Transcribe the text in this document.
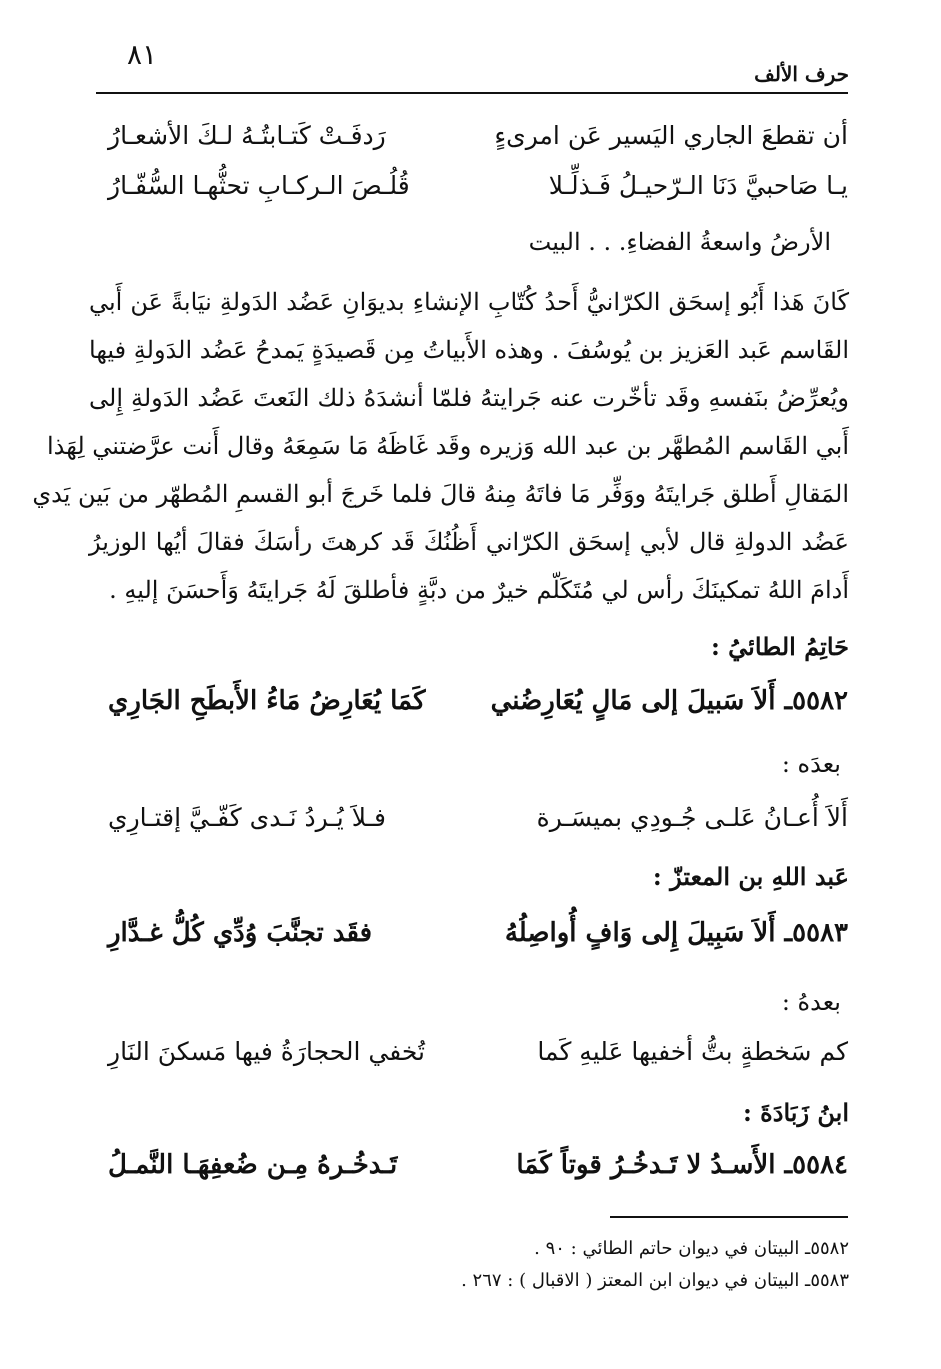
٨١
حرف الألف
أن تقطعَ الجاري اليَسير عَن امرىءٍ
رَدفَـتْ كَتـابتُـهُ لـكَ الأشعـارُ
يـا صَاحبيَّ دَنَا الـرّحيـلُ فَـذلِّـلا
قُلُـصَ الـركـابِ تحثُّهـا السُّفّـارُ
الأرضُ واسعةُ الفضاءِ. . . البيت
كَانَ هَذا أَبُو إسحَق الكرّانيُّ أَحدُ كُتّابِ الإنشاءِ بديوَانِ عَضُد الدَولةِ نيَابةً عَن أَبي
القَاسم عَبد العَزيز بن يُوسُفَ . وهذه الأَبياتُ مِن قَصيدَةٍ يَمدحُ عَضُد الدَولةِ فيها
ويُعرِّضُ بنَفسهِ وقَد تأخّرت عنه جَرايتهُ فلمّا أنشدَهُ ذلك النَعتَ عَضُد الدَولةِ إِلى
أَبي القَاسم المُطهَّر بن عبد الله وَزيره وقَد غَاظَهُ مَا سَمِعَهُ وقال أَنت عرَّضتني لِهَذا
المَقالِ أَطلق جَرايتَهُ ووَفِّر مَا فاتَهُ مِنهُ قالَ فلما خَرجَ أبو القسمِ المُطهّر من بَين يَدي
عَضُد الدولةِ قال لأبي إسحَق الكرّاني أَظُنُكَ قَد كرهتَ رأسَكَ فقالَ أيُها الوزيرُ
أَدامَ اللهُ تمكينَكَ رأس لي مُتَكَلّم خيرٌ من دبَّةٍ فأطلقَ لَهُ جَرايتَهُ وَأَحسَنَ إليهِ .
حَاتِمُ الطائيُ :
٥٥٨٢ـ أَلاَ سَبيلَ إلى مَالٍ يُعَارِضُني
كَمَا يُعَارِضُ مَاءُ الأَبطَحِ الجَارِي
بعدَه :
أَلاَ أُعـانُ عَلـى جُـودِي بميسَـرة
فـلاَ يُـردُ نَـدى كَفّـيَّ إقتـارِي
عَبد اللهِ بن المعتزّ :
٥٥٨٣ـ أَلاَ سَبِيلَ إِلى وَافٍ أُواصِلُهُ
فقَد تجنَّبَ وُدِّي كُلُّ غـدَّارِ
بعدهُ :
كم سَخطةٍ بتُّ أخفيها عَليهِ كَما
تُخفي الحجارَةُ فيها مَسكنَ النَارِ
ابنُ زَبَادَةَ :
٥٥٨٤ـ الأَسـدُ لا تَـدخُـرُ قوتاً كَمَا
تَـدخُـرهُ مِـن ضُعفِهَـا النَّمـلُ
٥٥٨٢ـ البيتان في ديوان حاتم الطائي : ٩٠ .
٥٥٨٣ـ البيتان في ديوان ابن المعتز ( الاقبال ) : ٢٦٧ .
